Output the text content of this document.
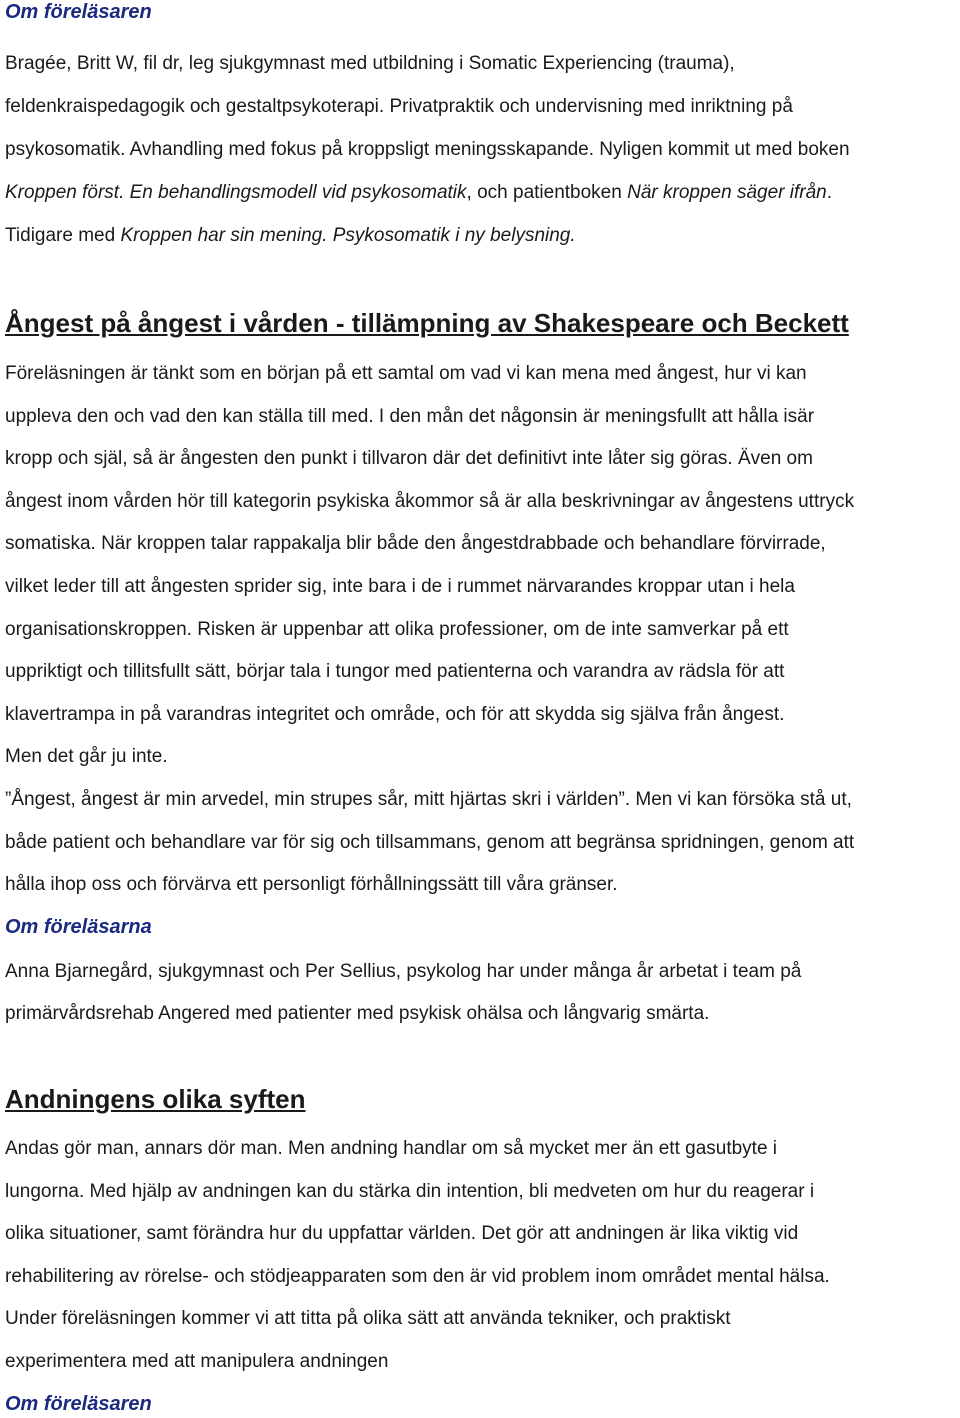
Om föreläsaren

Bragée, Britt W, fil dr, leg sjukgymnast med utbildning i Somatic Experiencing (trauma),
feldenkraispedagogik och gestaltpsykoterapi. Privatpraktik och undervisning med inriktning på
psykosomatik. Avhandling med fokus på kroppsligt meningsskapande. Nyligen kommit ut med boken
Kroppen först. En behandlingsmodell vid psykosomatik, och patientboken När kroppen säger ifrån.
Tidigare med Kroppen har sin mening. Psykosomatik i ny belysning.
Ångest på ångest i vården - tillämpning av Shakespeare och Beckett
Föreläsningen är tänkt som en början på ett samtal om vad vi kan mena med ångest, hur vi kan
uppleva den och vad den kan ställa till med. I den mån det någonsin är meningsfullt att hålla isär
kropp och själ, så är ångesten den punkt i tillvaron där det definitivt inte låter sig göras. Även om
ångest inom vården hör till kategorin psykiska åkommor så är alla beskrivningar av ångestens uttryck
somatiska. När kroppen talar rappakalja blir både den ångestdrabbade och behandlare förvirrade,
vilket leder till att ångesten sprider sig, inte bara i de i rummet närvarandes kroppar utan i hela
organisationskroppen. Risken är uppenbar att olika professioner, om de inte samverkar på ett
uppriktigt och tillitsfullt sätt, börjar tala i tungor med patienterna och varandra av rädsla för att
klavertrampa in på varandras integritet och område, och för att skydda sig själva från ångest.
Men det går ju inte.
”Ångest, ångest är min arvedel, min strupes sår, mitt hjärtas skri i världen”. Men vi kan försöka stå ut,
både patient och behandlare var för sig och tillsammans, genom att begränsa spridningen, genom att
hålla ihop oss och förvärva ett personligt förhållningssätt till våra gränser.

Om föreläsarna

Anna Bjarnegård, sjukgymnast och Per Sellius, psykolog har under många år arbetat i team på
primärvårdsrehab Angered med patienter med psykisk ohälsa och långvarig smärta.
Andningens olika syften
Andas gör man, annars dör man. Men andning handlar om så mycket mer än ett gasutbyte i
lungorna. Med hjälp av andningen kan du stärka din intention, bli medveten om hur du reagerar i
olika situationer, samt förändra hur du uppfattar världen. Det gör att andningen är lika viktig vid
rehabilitering av rörelse- och stödjeapparaten som den är vid problem inom området mental hälsa.
Under föreläsningen kommer vi att titta på olika sätt att använda tekniker, och praktiskt
experimentera med att manipulera andningen

Om föreläsaren
